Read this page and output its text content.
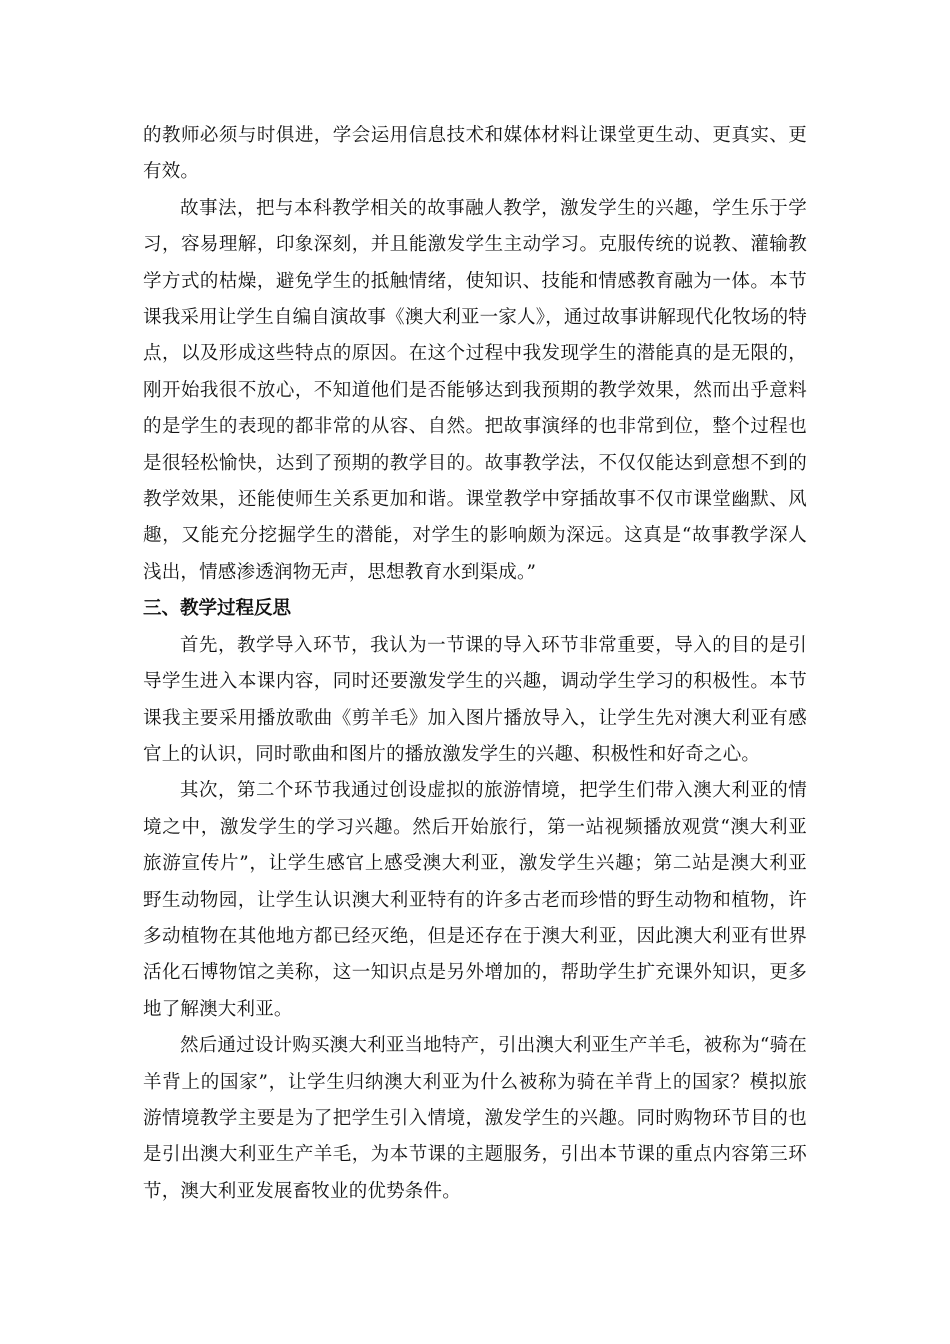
的教师必须与时俱进，学会运用信息技术和媒体材料让课堂更生动、更真实、更有效。

故事法，把与本科教学相关的故事融人教学，激发学生的兴趣，学生乐于学习，容易理解，印象深刻，并且能激发学生主动学习。克服传统的说教、灌输教学方式的枯燥，避免学生的抵触情绪，使知识、技能和情感教育融为一体。本节课我采用让学生自编自演故事《澳大利亚一家人》，通过故事讲解现代化牧场的特点，以及形成这些特点的原因。在这个过程中我发现学生的潜能真的是无限的，刚开始我很不放心，不知道他们是否能够达到我预期的教学效果，然而出乎意料的是学生的表现的都非常的从容、自然。把故事演绎的也非常到位，整个过程也是很轻松愉快，达到了预期的教学目的。故事教学法，不仅仅能达到意想不到的教学效果，还能使师生关系更加和谐。课堂教学中穿插故事不仅市课堂幽默、风趣，又能充分挖掘学生的潜能，对学生的影响颇为深远。这真是“故事教学深人浅出，情感渗透润物无声，思想教育水到渠成。”

三、教学过程反思

首先，教学导入环节，我认为一节课的导入环节非常重要，导入的目的是引导学生进入本课内容，同时还要激发学生的兴趣，调动学生学习的积极性。本节课我主要采用播放歌曲《剪羊毛》加入图片播放导入，让学生先对澳大利亚有感官上的认识，同时歌曲和图片的播放激发学生的兴趣、积极性和好奇之心。

其次，第二个环节我通过创设虚拟的旅游情境，把学生们带入澳大利亚的情境之中，激发学生的学习兴趣。然后开始旅行，第一站视频播放观赏“澳大利亚旅游宣传片”，让学生感官上感受澳大利亚，激发学生兴趣；第二站是澳大利亚野生动物园，让学生认识澳大利亚特有的许多古老而珍惜的野生动物和植物，许多动植物在其他地方都已经灭绝，但是还存在于澳大利亚，因此澳大利亚有世界活化石博物馆之美称，这一知识点是另外增加的，帮助学生扩充课外知识，更多地了解澳大利亚。

然后通过设计购买澳大利亚当地特产，引出澳大利亚生产羊毛，被称为“骑在羊背上的国家”，让学生归纳澳大利亚为什么被称为骑在羊背上的国家？模拟旅游情境教学主要是为了把学生引入情境，激发学生的兴趣。同时购物环节目的也是引出澳大利亚生产羊毛，为本节课的主题服务，引出本节课的重点内容第三环节，澳大利亚发展畜牧业的优势条件。
